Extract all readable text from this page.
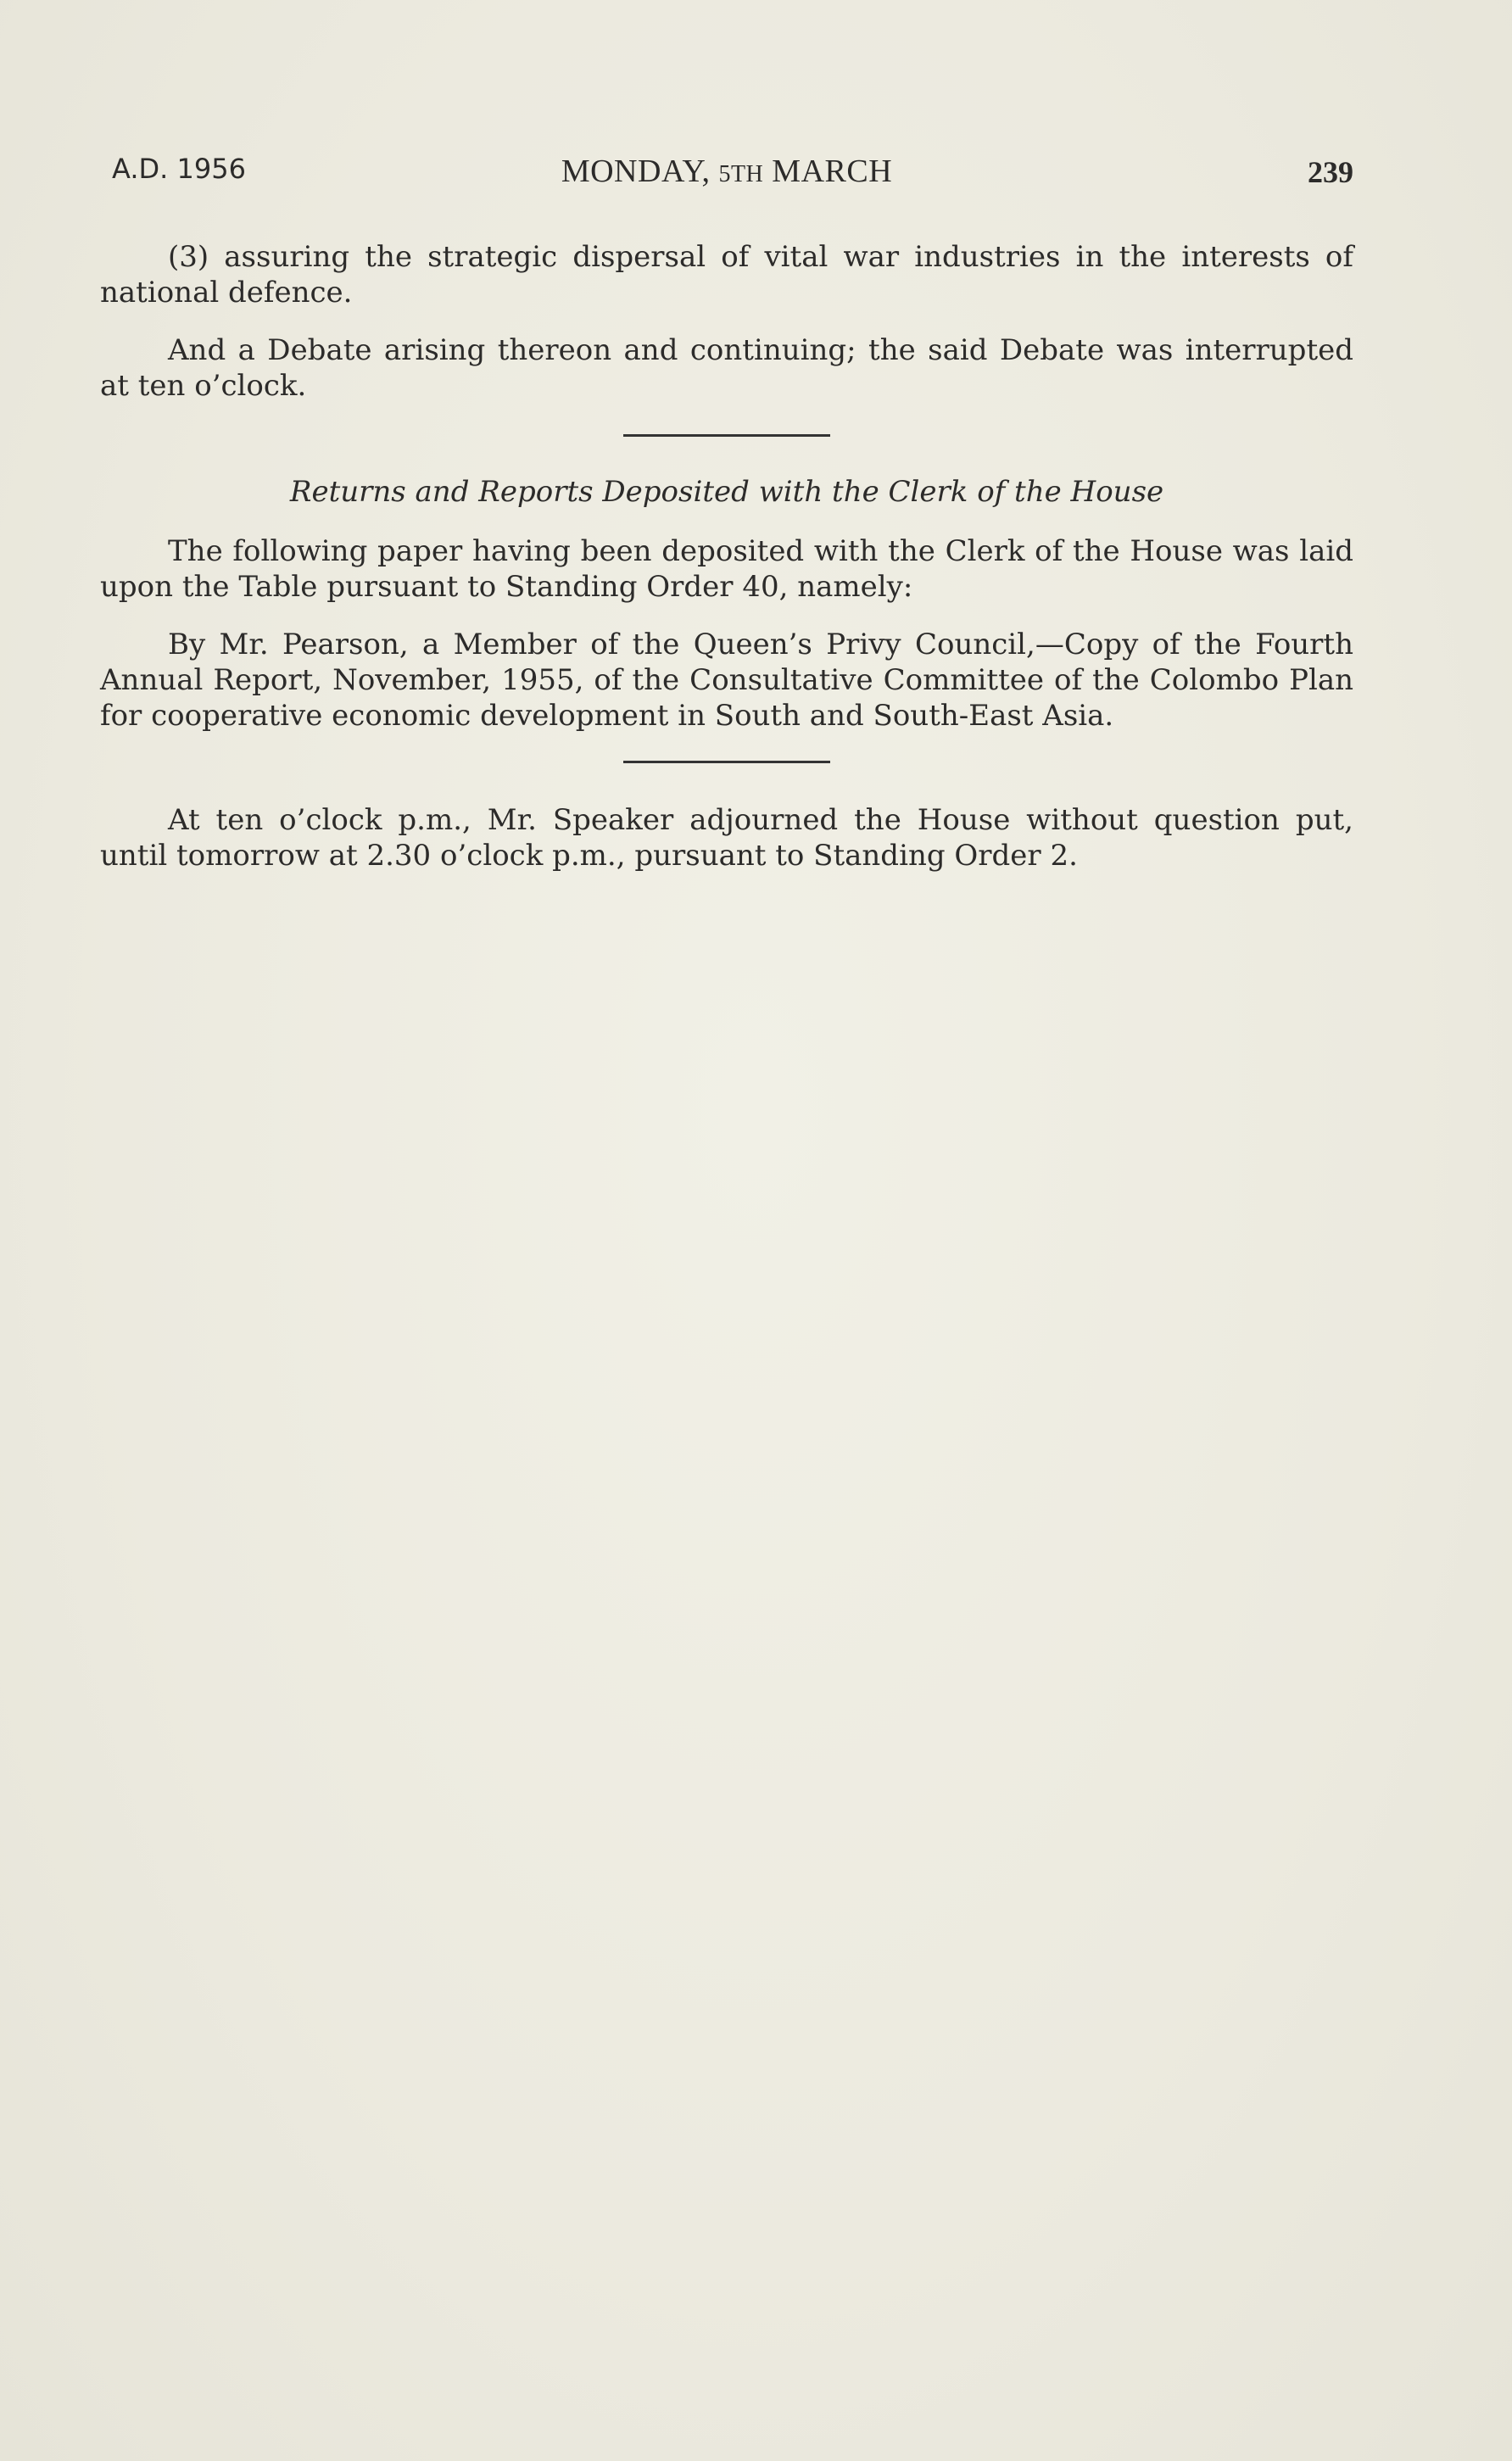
A.D. 1956	MONDAY, 5TH MARCH	239

(3) assuring the strategic dispersal of vital war industries in the interests of national defence.

And a Debate arising thereon and continuing; the said Debate was interrupted at ten o’clock.

Returns and Reports Deposited with the Clerk of the House

The following paper having been deposited with the Clerk of the House was laid upon the Table pursuant to Standing Order 40, namely:

By Mr. Pearson, a Member of the Queen’s Privy Council,—Copy of the Fourth Annual Report, November, 1955, of the Consultative Committee of the Colombo Plan for cooperative economic development in South and South-East Asia.

At ten o’clock p.m., Mr. Speaker adjourned the House without question put, until tomorrow at 2.30 o’clock p.m., pursuant to Standing Order 2.
